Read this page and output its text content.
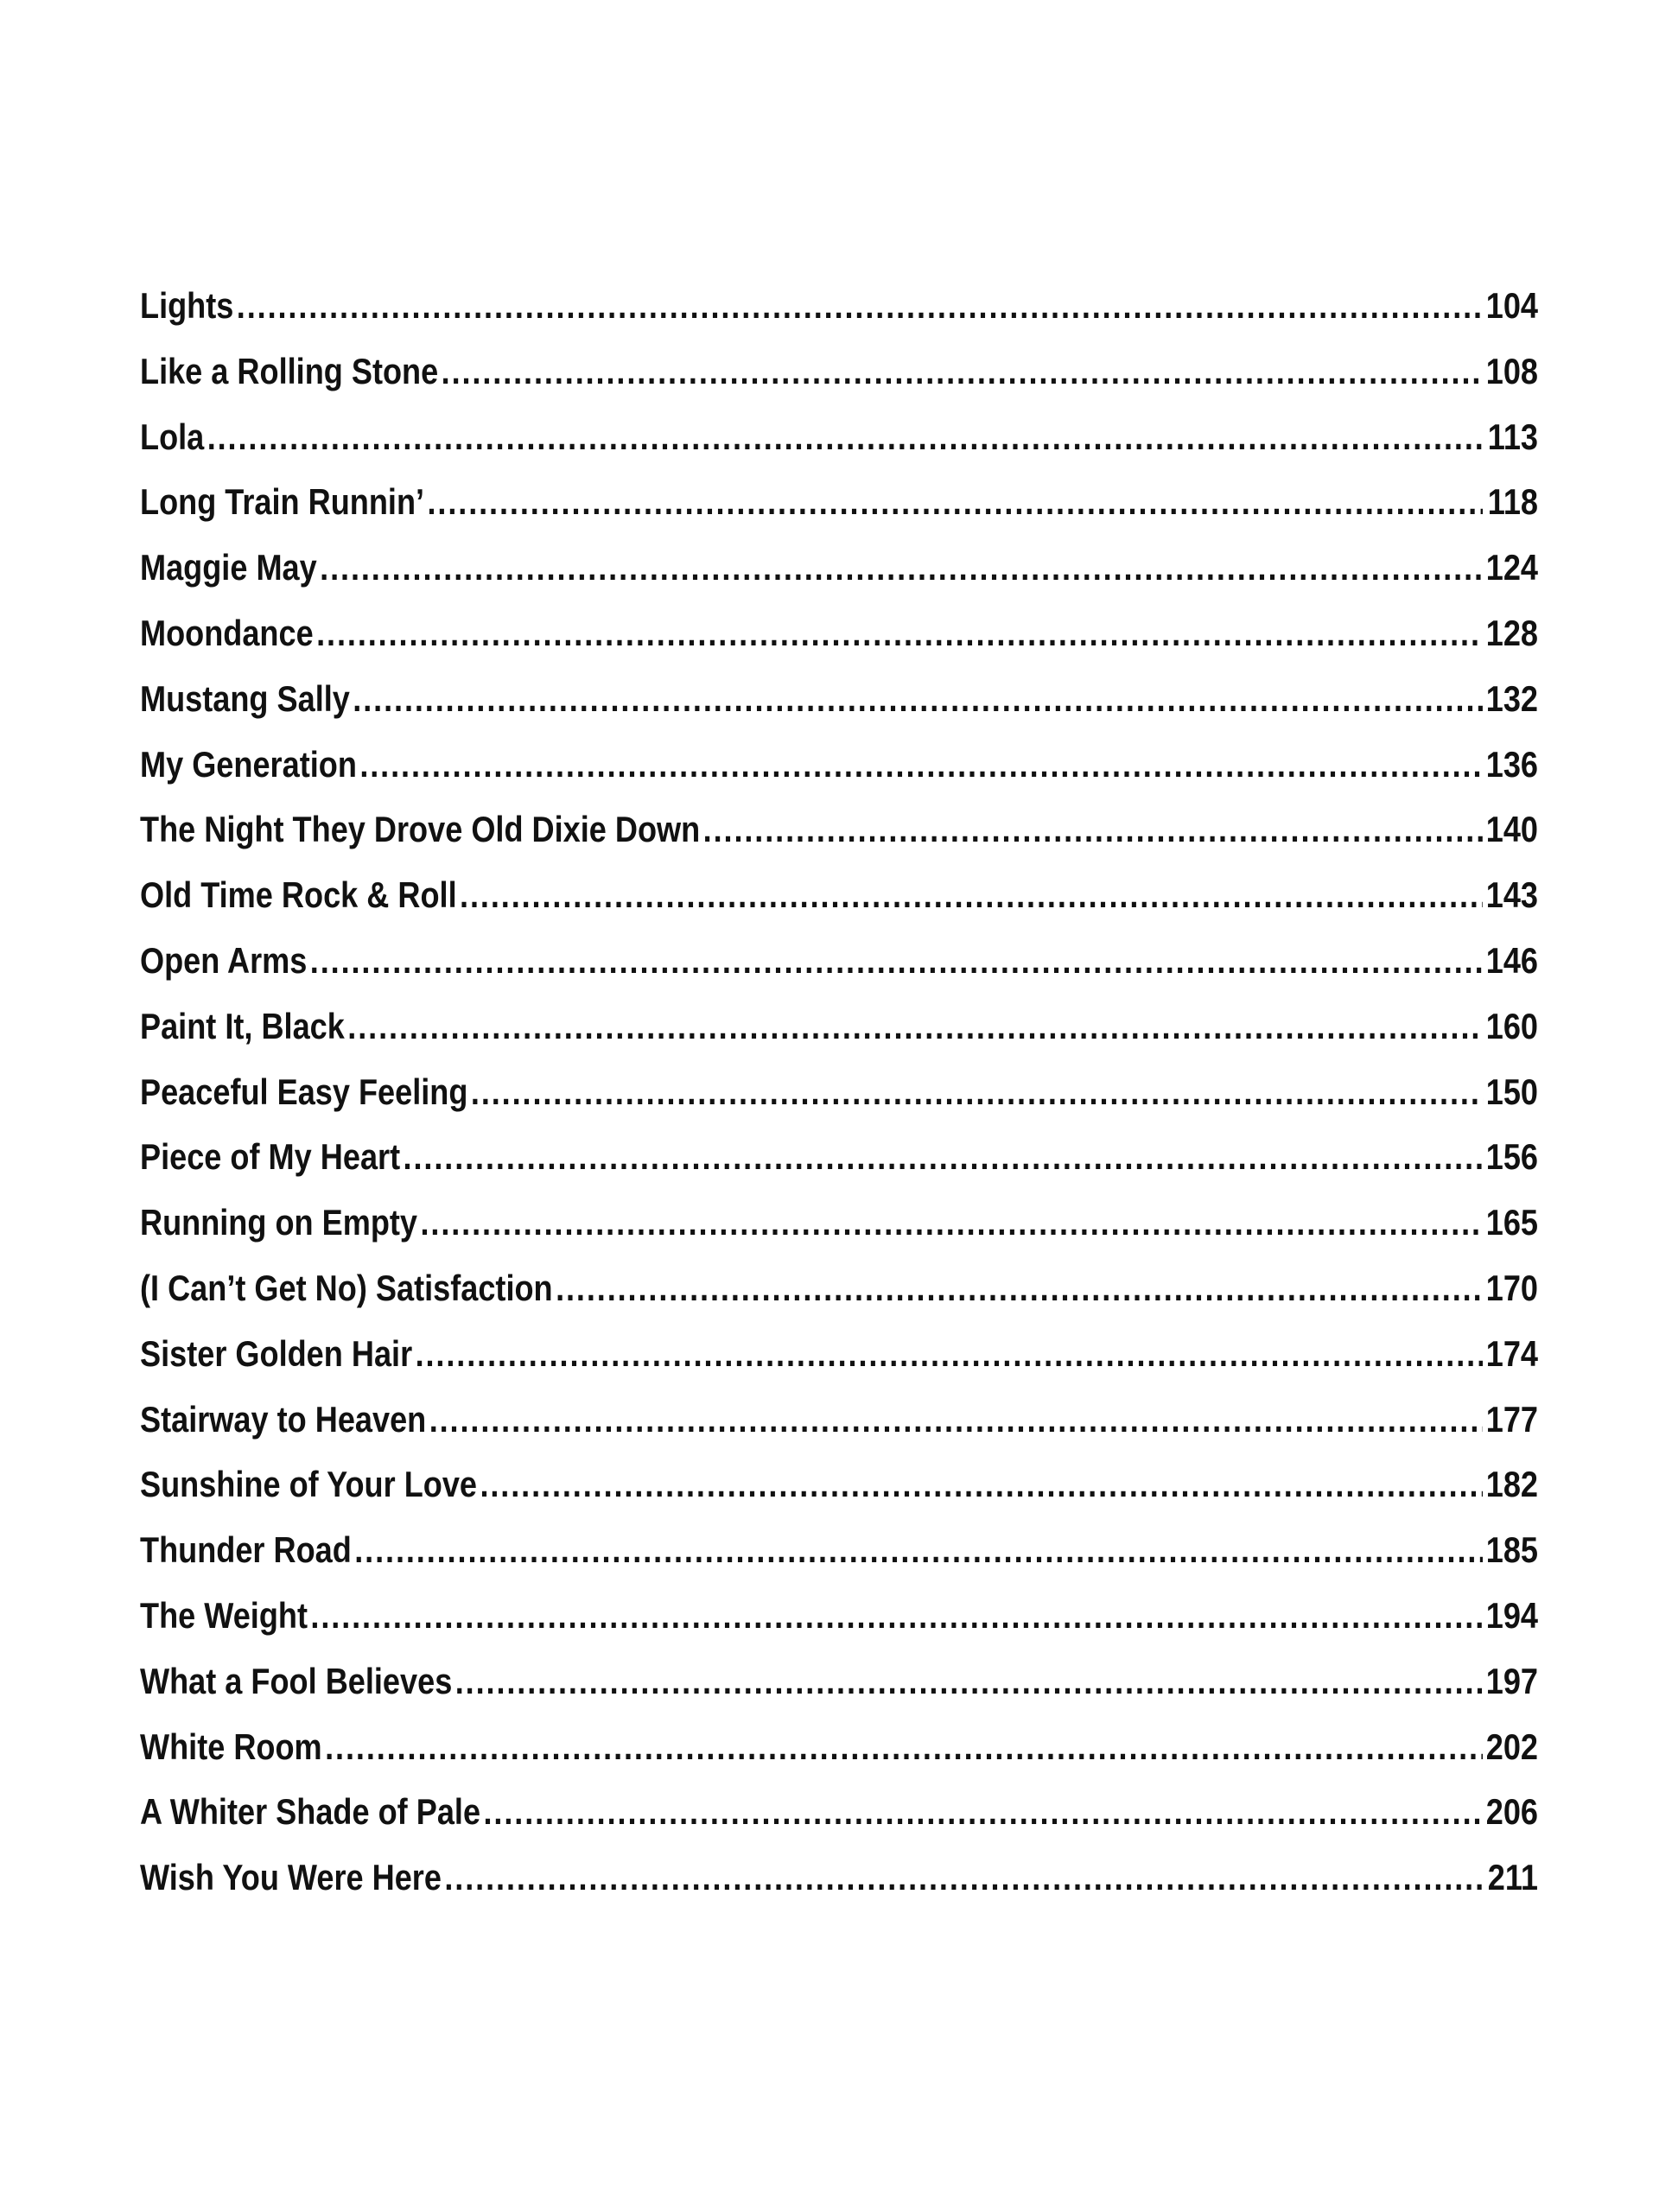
Lights .....	104
Like a Rolling Stone .....	108
Lola .....	113
Long Train Runnin’ .....	118
Maggie May .....	124
Moondance .....	128
Mustang Sally .....	132
My Generation .....	136
The Night They Drove Old Dixie Down .....	140
Old Time Rock & Roll .....	143
Open Arms .....	146
Paint It, Black .....	160
Peaceful Easy Feeling .....	150
Piece of My Heart .....	156
Running on Empty .....	165
(I Can’t Get No) Satisfaction .....	170
Sister Golden Hair .....	174
Stairway to Heaven .....	177
Sunshine of Your Love .....	182
Thunder Road .....	185
The Weight .....	194
What a Fool Believes .....	197
White Room .....	202
A Whiter Shade of Pale .....	206
Wish You Were Here .....	211
